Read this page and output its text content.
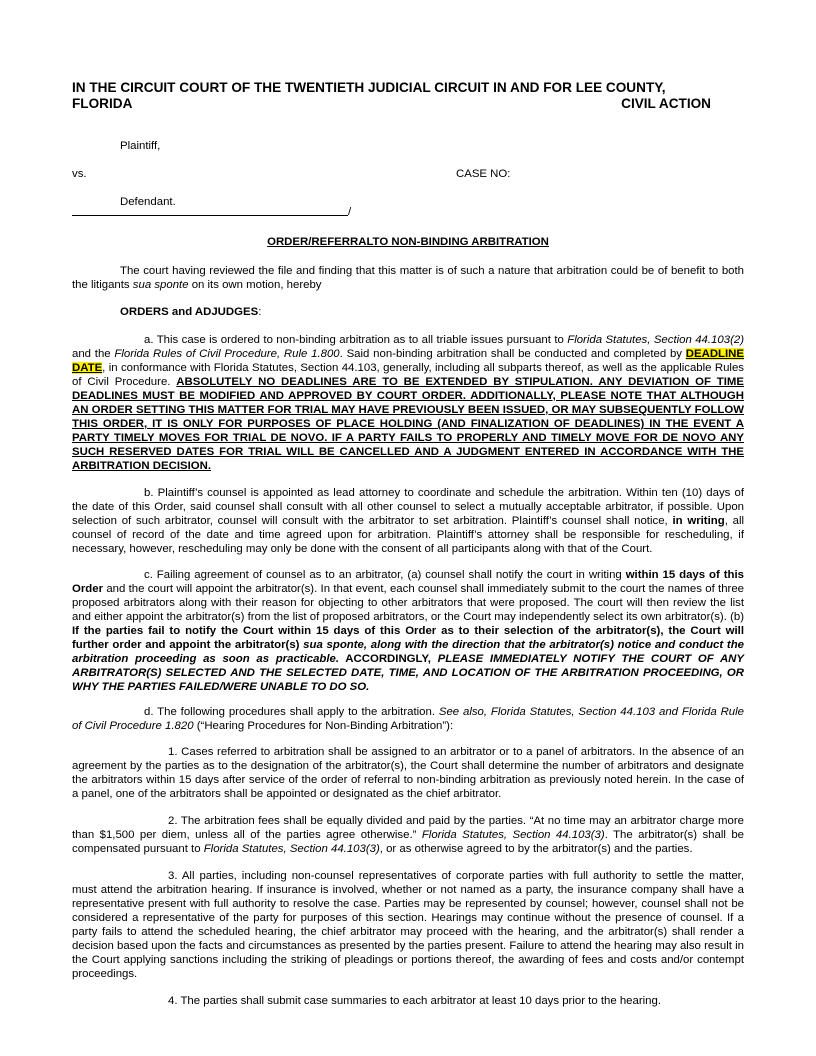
IN THE CIRCUIT COURT OF THE TWENTIETH JUDICIAL CIRCUIT IN AND FOR LEE COUNTY,
FLORIDA	CIVIL ACTION
Plaintiff,
vs.	CASE NO:
Defendant.
/
ORDER/REFERRALTO NON-BINDING ARBITRATION

The court having reviewed the file and finding that this matter is of such a nature that arbitration could be of benefit to both the litigants sua sponte on its own motion, hereby

ORDERS and ADJUDGES:

a. This case is ordered to non-binding arbitration as to all triable issues pursuant to Florida Statutes, Section 44.103(2) and the Florida Rules of Civil Procedure, Rule 1.800. Said non-binding arbitration shall be conducted and completed by DEADLINE DATE, in conformance with Florida Statutes, Section 44.103, generally, including all subparts thereof, as well as the applicable Rules of Civil Procedure. ABSOLUTELY NO DEADLINES ARE TO BE EXTENDED BY STIPULATION. ANY DEVIATION OF TIME DEADLINES MUST BE MODIFIED AND APPROVED BY COURT ORDER. ADDITIONALLY, PLEASE NOTE THAT ALTHOUGH AN ORDER SETTING THIS MATTER FOR TRIAL MAY HAVE PREVIOUSLY BEEN ISSUED, OR MAY SUBSEQUENTLY FOLLOW THIS ORDER, IT IS ONLY FOR PURPOSES OF PLACE HOLDING (AND FINALIZATION OF DEADLINES) IN THE EVENT A PARTY TIMELY MOVES FOR TRIAL DE NOVO. IF A PARTY FAILS TO PROPERLY AND TIMELY MOVE FOR DE NOVO ANY SUCH RESERVED DATES FOR TRIAL WILL BE CANCELLED AND A JUDGMENT ENTERED IN ACCORDANCE WITH THE ARBITRATION DECISION.

b. Plaintiff’s counsel is appointed as lead attorney to coordinate and schedule the arbitration. Within ten (10) days of the date of this Order, said counsel shall consult with all other counsel to select a mutually acceptable arbitrator, if possible. Upon selection of such arbitrator, counsel will consult with the arbitrator to set arbitration. Plaintiff’s counsel shall notice, in writing, all counsel of record of the date and time agreed upon for arbitration. Plaintiff’s attorney shall be responsible for rescheduling, if necessary, however, rescheduling may only be done with the consent of all participants along with that of the Court.

c. Failing agreement of counsel as to an arbitrator, (a) counsel shall notify the court in writing within 15 days of this Order and the court will appoint the arbitrator(s). In that event, each counsel shall immediately submit to the court the names of three proposed arbitrators along with their reason for objecting to other arbitrators that were proposed. The court will then review the list and either appoint the arbitrator(s) from the list of proposed arbitrators, or the Court may independently select its own arbitrator(s). (b) If the parties fail to notify the Court within 15 days of this Order as to their selection of the arbitrator(s), the Court will further order and appoint the arbitrator(s) sua sponte, along with the direction that the arbitrator(s) notice and conduct the arbitration proceeding as soon as practicable. ACCORDINGLY, PLEASE IMMEDIATELY NOTIFY THE COURT OF ANY ARBITRATOR(S) SELECTED AND THE SELECTED DATE, TIME, AND LOCATION OF THE ARBITRATION PROCEEDING, OR WHY THE PARTIES FAILED/WERE UNABLE TO DO SO.

d. The following procedures shall apply to the arbitration. See also, Florida Statutes, Section 44.103 and Florida Rule of Civil Procedure 1.820 (“Hearing Procedures for Non-Binding Arbitration”):

1. Cases referred to arbitration shall be assigned to an arbitrator or to a panel of arbitrators. In the absence of an agreement by the parties as to the designation of the arbitrator(s), the Court shall determine the number of arbitrators and designate the arbitrators within 15 days after service of the order of referral to non-binding arbitration as previously noted herein. In the case of a panel, one of the arbitrators shall be appointed or designated as the chief arbitrator.

2. The arbitration fees shall be equally divided and paid by the parties. “At no time may an arbitrator charge more than $1,500 per diem, unless all of the parties agree otherwise.” Florida Statutes, Section 44.103(3). The arbitrator(s) shall be compensated pursuant to Florida Statutes, Section 44.103(3), or as otherwise agreed to by the arbitrator(s) and the parties.

3. All parties, including non-counsel representatives of corporate parties with full authority to settle the matter, must attend the arbitration hearing. If insurance is involved, whether or not named as a party, the insurance company shall have a representative present with full authority to resolve the case. Parties may be represented by counsel; however, counsel shall not be considered a representative of the party for purposes of this section. Hearings may continue without the presence of counsel. If a party fails to attend the scheduled hearing, the chief arbitrator may proceed with the hearing, and the arbitrator(s) shall render a decision based upon the facts and circumstances as presented by the parties present. Failure to attend the hearing may also result in the Court applying sanctions including the striking of pleadings or portions thereof, the awarding of fees and costs and/or contempt proceedings.

4. The parties shall submit case summaries to each arbitrator at least 10 days prior to the hearing.
